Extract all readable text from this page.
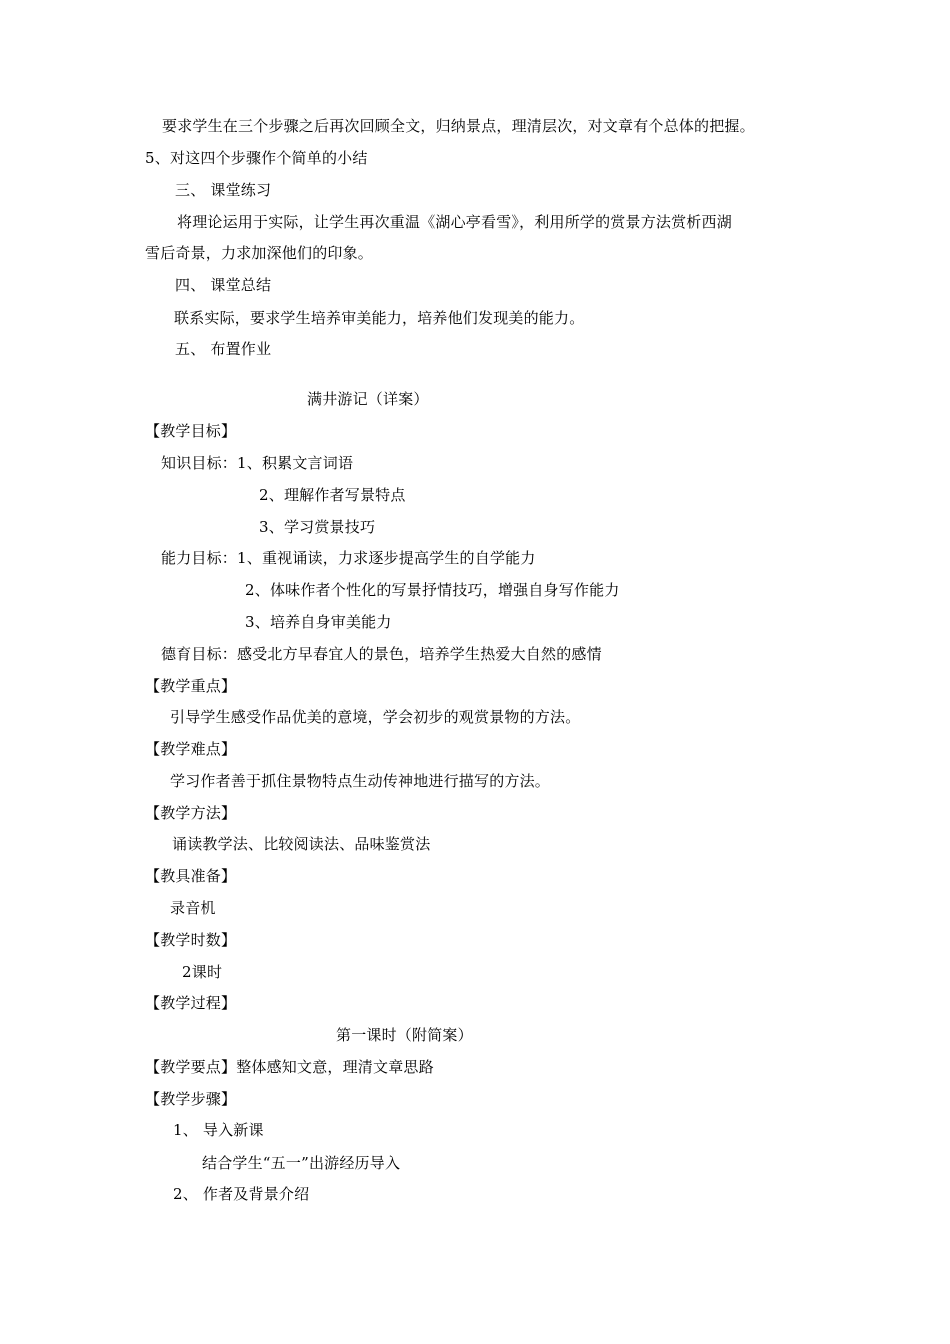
要求学生在三个步骤之后再次回顾全文，归纳景点，理清层次，对文章有个总体的把握。
5、对这四个步骤作个简单的小结
三、 课堂练习
将理论运用于实际，让学生再次重温《湖心亭看雪》，利用所学的赏景方法赏析西湖
雪后奇景，力求加深他们的印象。
四、 课堂总结
联系实际，要求学生培养审美能力，培养他们发现美的能力。
五、 布置作业
满井游记（详案）
【教学目标】
知识目标：1、积累文言词语
2、理解作者写景特点
3、学习赏景技巧
能力目标：1、重视诵读，力求逐步提高学生的自学能力
2、体味作者个性化的写景抒情技巧，增强自身写作能力
3、培养自身审美能力
德育目标：感受北方早春宜人的景色，培养学生热爱大自然的感情
【教学重点】
引导学生感受作品优美的意境，学会初步的观赏景物的方法。
【教学难点】
学习作者善于抓住景物特点生动传神地进行描写的方法。
【教学方法】
诵读教学法、比较阅读法、品味鉴赏法
【教具准备】
录音机
【教学时数】
2课时
【教学过程】
第一课时（附简案）
【教学要点】整体感知文意，理清文章思路
【教学步骤】
1、 导入新课
结合学生“五一”出游经历导入
2、 作者及背景介绍
